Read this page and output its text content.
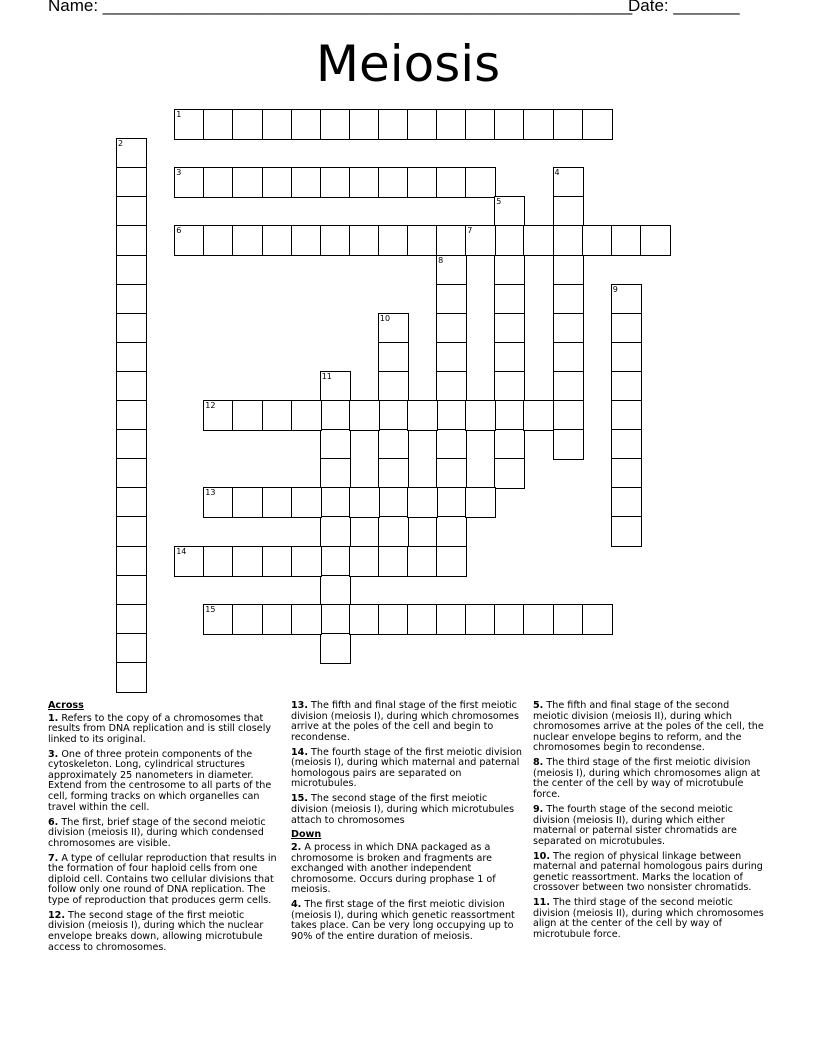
Name: ________________________________________________________
Date: _______
Meiosis
1
2
3	4
5
6	7
8
9
10
11
12
13
14
15
Across

1. Refers to the copy of a chromosomes that results from DNA replication and is still closely linked to its original.

3. One of three protein components of the cytoskeleton. Long, cylindrical structures approximately 25 nanometers in diameter. Extend from the centrosome to all parts of the cell, forming tracks on which organelles can travel within the cell.

6. The first, brief stage of the second meiotic division (meiosis II), during which condensed chromosomes are visible.

7. A type of cellular reproduction that results in the formation of four haploid cells from one diploid cell. Contains two cellular divisions that follow only one round of DNA replication. The type of reproduction that produces germ cells.

12. The second stage of the first meiotic division (meiosis I), during which the nuclear envelope breaks down, allowing microtubule access to chromosomes.

13. The fifth and final stage of the first meiotic division (meiosis I), during which chromosomes arrive at the poles of the cell and begin to recondense.

14. The fourth stage of the first meiotic division (meiosis I), during which maternal and paternal homologous pairs are separated on microtubules.

15. The second stage of the first meiotic division (meiosis I), during which microtubules attach to chromosomes

Down

2. A process in which DNA packaged as a chromosome is broken and fragments are exchanged with another independent chromosome. Occurs during prophase 1 of meiosis.

4. The first stage of the first meiotic division (meiosis I), during which genetic reassortment takes place. Can be very long occupying up to 90% of the entire duration of meiosis.

5. The fifth and final stage of the second meiotic division (meiosis II), during which chromosomes arrive at the poles of the cell, the nuclear envelope begins to reform, and the chromosomes begin to recondense.

8. The third stage of the first meiotic division (meiosis I), during which chromosomes align at the center of the cell by way of microtubule force.

9. The fourth stage of the second meiotic division (meiosis II), during which either maternal or paternal sister chromatids are separated on microtubules.

10. The region of physical linkage between maternal and paternal homologous pairs during genetic reassortment. Marks the location of crossover between two nonsister chromatids.

11. The third stage of the second meiotic division (meiosis II), during which chromosomes align at the center of the cell by way of microtubule force.
